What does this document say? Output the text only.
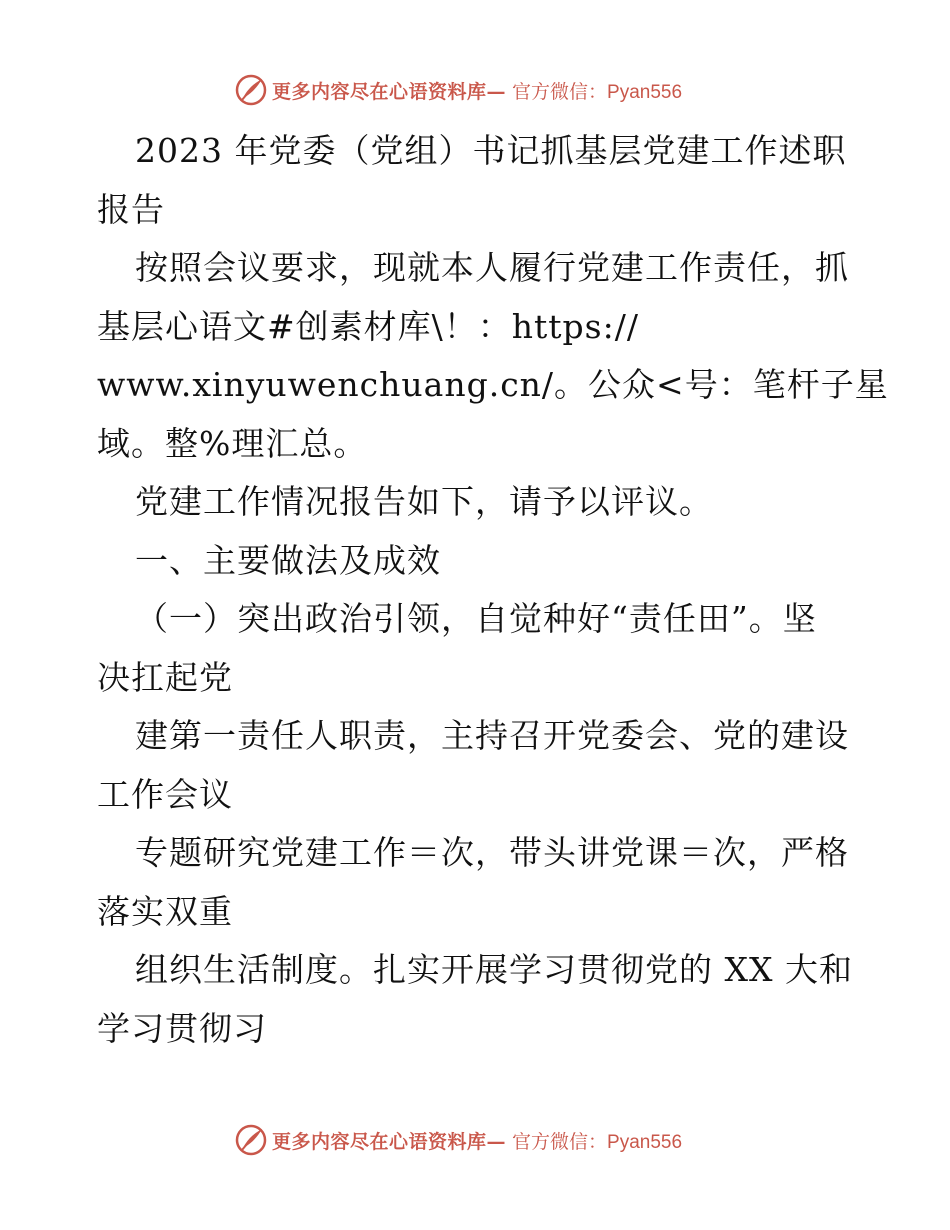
更多内容尽在心语资料库— 官方微信：Pyan556

2023 年党委（党组）书记抓基层党建工作述职

报告

按照会议要求，现就本人履行党建工作责任，抓

基层心语文#创素材库\！：https://

www.xinyuwenchuang.cn/。公众<号：笔杆子星

域。整%理汇总。

党建工作情况报告如下，请予以评议。

一、主要做法及成效

（一）突出政治引领，自觉种好“责任田”。坚

决扛起党

建第一责任人职责，主持召开党委会、党的建设

工作会议

专题研究党建工作＝次，带头讲党课＝次，严格

落实双重

组织生活制度。扎实开展学习贯彻党的 XX 大和

学习贯彻习

更多内容尽在心语资料库— 官方微信：Pyan556
